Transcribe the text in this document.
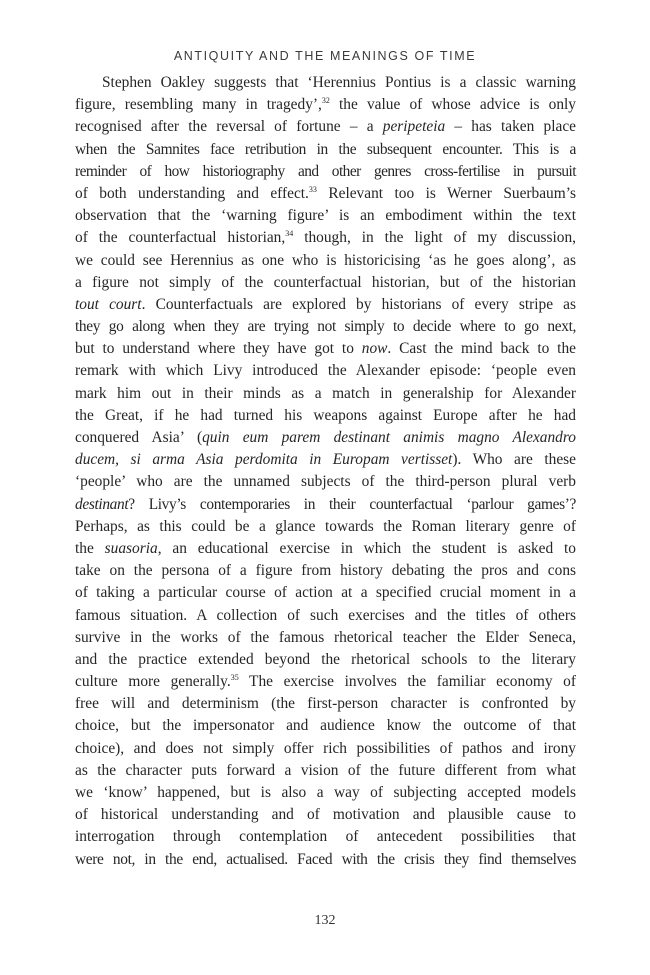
ANTIQUITY AND THE MEANINGS OF TIME
Stephen Oakley suggests that ‘Herennius Pontius is a classic warning
figure, resembling many in tragedy’,$^{32}$ the value of whose advice is only
recognised after the reversal of fortune – a peripeteia – has taken place
when the Samnites face retribution in the subsequent encounter. This is a
reminder of how historiography and other genres cross-fertilise in pursuit
of both understanding and effect.$^{33}$ Relevant too is Werner Suerbaum’s
observation that the ‘warning figure’ is an embodiment within the text
of the counterfactual historian,$^{34}$ though, in the light of my discussion,
we could see Herennius as one who is historicising ‘as he goes along’, as
a figure not simply of the counterfactual historian, but of the historian
tout court. Counterfactuals are explored by historians of every stripe as
they go along when they are trying not simply to decide where to go next,
but to understand where they have got to now. Cast the mind back to the
remark with which Livy introduced the Alexander episode: ‘people even
mark him out in their minds as a match in generalship for Alexander
the Great, if he had turned his weapons against Europe after he had
conquered Asia’ (quin eum parem destinant animis magno Alexandro
ducem, si arma Asia perdomita in Europam vertisset). Who are these
‘people’ who are the unnamed subjects of the third-person plural verb
destinant? Livy’s contemporaries in their counterfactual ‘parlour games’?
Perhaps, as this could be a glance towards the Roman literary genre of
the suasoria, an educational exercise in which the student is asked to
take on the persona of a figure from history debating the pros and cons
of taking a particular course of action at a specified crucial moment in a
famous situation. A collection of such exercises and the titles of others
survive in the works of the famous rhetorical teacher the Elder Seneca,
and the practice extended beyond the rhetorical schools to the literary
culture more generally.$^{35}$ The exercise involves the familiar economy of
free will and determinism (the first-person character is confronted by
choice, but the impersonator and audience know the outcome of that
choice), and does not simply offer rich possibilities of pathos and irony
as the character puts forward a vision of the future different from what
we ‘know’ happened, but is also a way of subjecting accepted models
of historical understanding and of motivation and plausible cause to
interrogation through contemplation of antecedent possibilities that
were not, in the end, actualised. Faced with the crisis they find themselves
132
